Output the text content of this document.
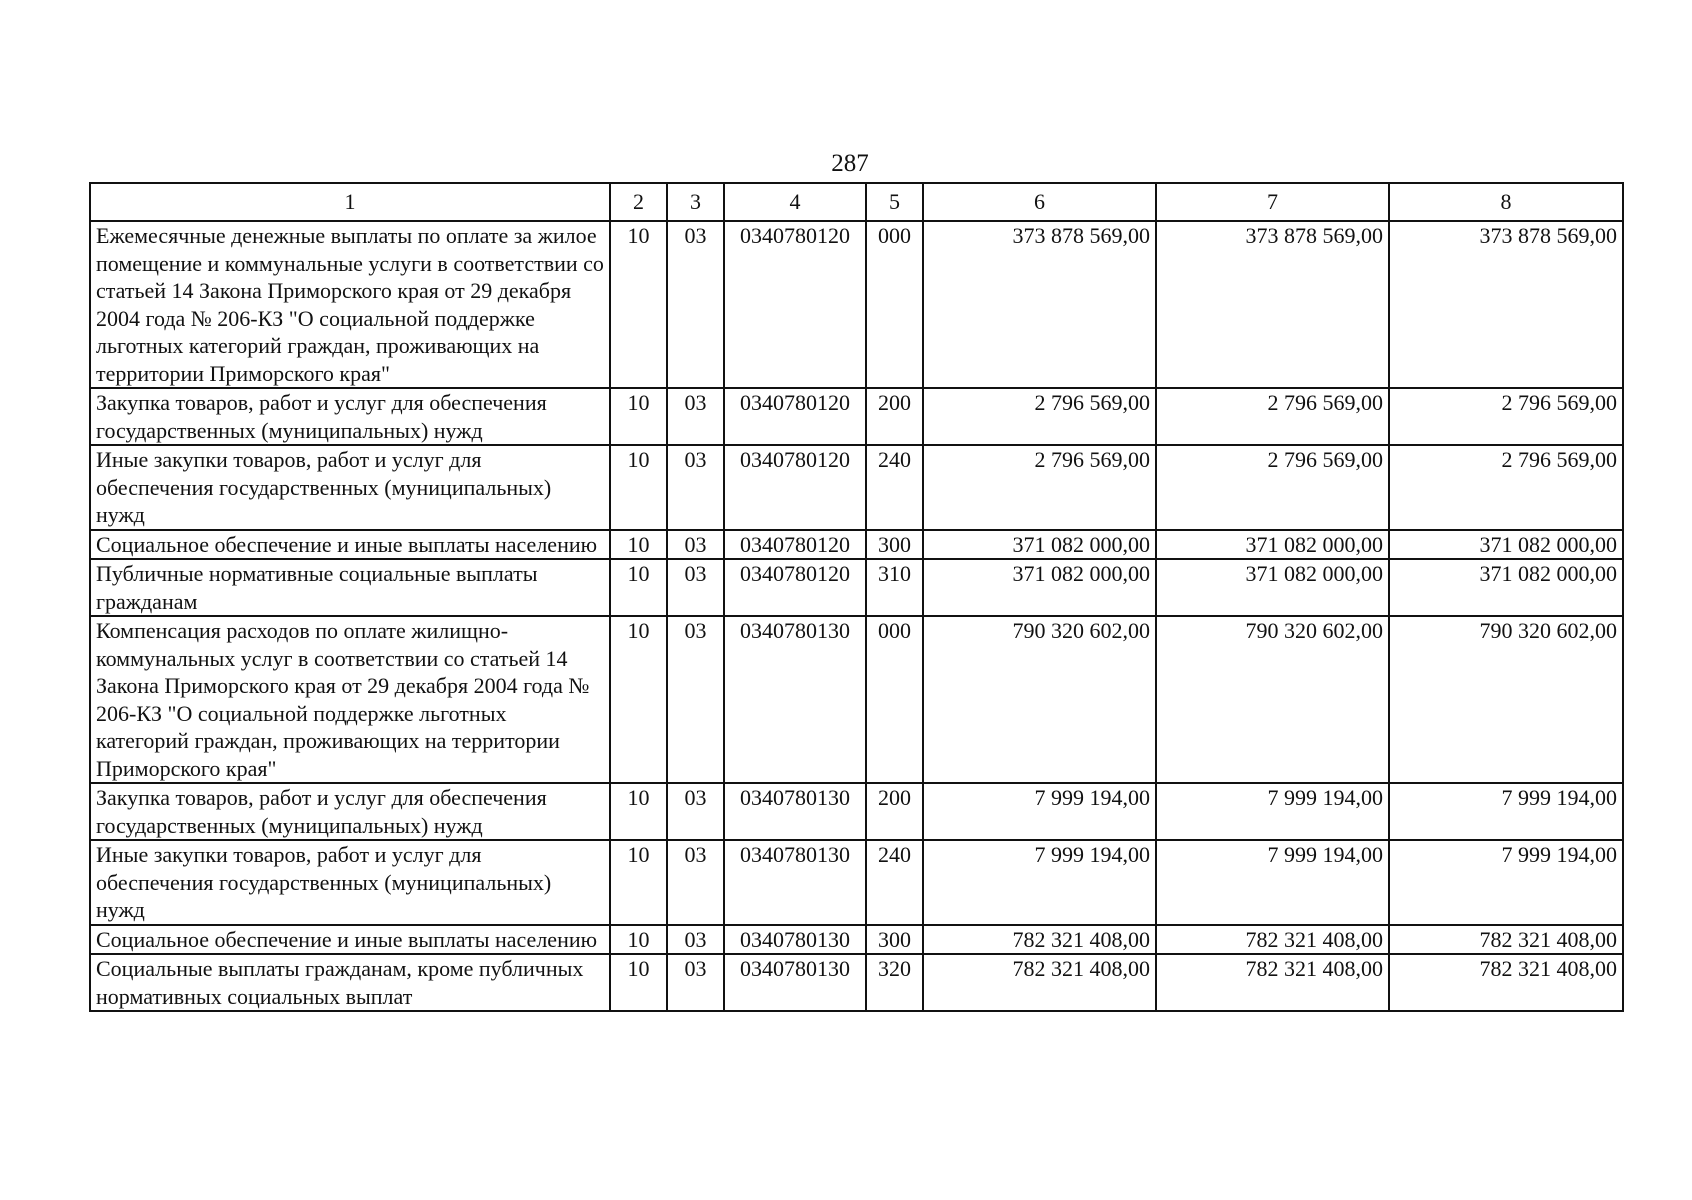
287
1	2	3	4	5	6	7	8
Ежемесячные денежные выплаты по оплате за жилое помещение и коммунальные услуги в соответствии со статьей 14 Закона Приморского края от 29 декабря 2004 года № 206-КЗ "О социальной поддержке льготных категорий граждан, проживающих на территории Приморского края"	10	03	0340780120	000	373 878 569,00	373 878 569,00	373 878 569,00
Закупка товаров, работ и услуг для обеспечения государственных (муниципальных) нужд	10	03	0340780120	200	2 796 569,00	2 796 569,00	2 796 569,00
Иные закупки товаров, работ и услуг для обеспечения государственных (муниципальных) нужд	10	03	0340780120	240	2 796 569,00	2 796 569,00	2 796 569,00
Социальное обеспечение и иные выплаты населению	10	03	0340780120	300	371 082 000,00	371 082 000,00	371 082 000,00
Публичные нормативные социальные выплаты гражданам	10	03	0340780120	310	371 082 000,00	371 082 000,00	371 082 000,00
Компенсация расходов по оплате жилищно-коммунальных услуг в соответствии со статьей 14 Закона Приморского края от 29 декабря 2004 года № 206-КЗ "О социальной поддержке льготных категорий граждан, проживающих на территории Приморского края"	10	03	0340780130	000	790 320 602,00	790 320 602,00	790 320 602,00
Закупка товаров, работ и услуг для обеспечения государственных (муниципальных) нужд	10	03	0340780130	200	7 999 194,00	7 999 194,00	7 999 194,00
Иные закупки товаров, работ и услуг для обеспечения государственных (муниципальных) нужд	10	03	0340780130	240	7 999 194,00	7 999 194,00	7 999 194,00
Социальное обеспечение и иные выплаты населению	10	03	0340780130	300	782 321 408,00	782 321 408,00	782 321 408,00
Социальные выплаты гражданам, кроме публичных нормативных социальных выплат	10	03	0340780130	320	782 321 408,00	782 321 408,00	782 321 408,00
